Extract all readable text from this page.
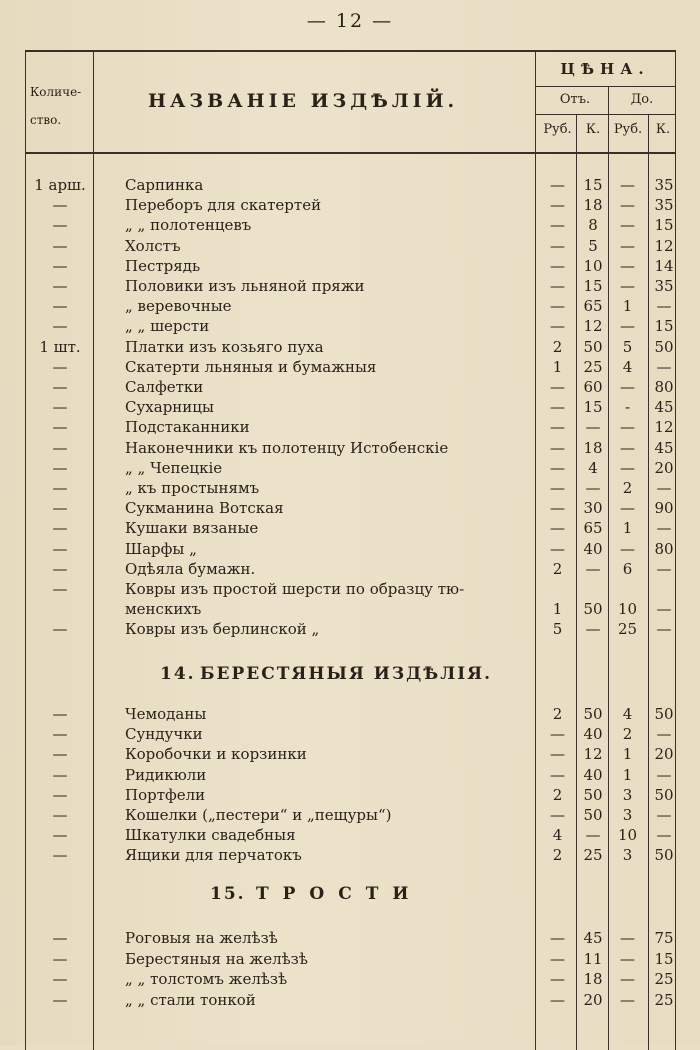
— 12 —
Количе-ство.
НАЗВАНІЕ ИЗДѢЛІЙ.
ЦѢНА.
Отъ.	До.
Руб.	К.	Руб.	К.
1 арш.	Сарпинка	—	15	—	35
—	Переборъ для скатертей	—	18	—	35
—	„ „ полотенцевъ	—	8	—	15
—	Холстъ	—	5	—	12
—	Пестрядь	—	10	—	14
—	Половики изъ льняной пряжи	—	15	—	35
—	„ веревочные	—	65	1	—
—	„ „ шерсти	—	12	—	15
1 шт.	Платки изъ козьяго пуха	2	50	5	50
—	Скатерти льняныя и бумажныя	1	25	4	—
—	Салфетки	—	60	—	80
—	Сухарницы	—	15	-	45
—	Подстаканники	—	—	—	12
—	Наконечники къ полотенцу Истобенскіе	—	18	—	45
—	„ „ Чепецкіе	—	4	—	20
—	„ къ простынямъ	—	—	2	—
—	Сукманина Вотская	—	30	—	90
—	Кушаки вязаные	—	65	1	—
—	Шарфы „	—	40	—	80
—	Одѣяла бумажн.	2	—	6	—
—	Ковры изъ простой шерсти по образцу тю-
менскихъ	1	50	10	—
—	Ковры изъ берлинской „	5	—	25	—
14. БЕРЕСТЯНЫЯ ИЗДѢЛІЯ.
—	Чемоданы	2	50	4	50
—	Сундучки	—	40	2	—
—	Коробочки и корзинки	—	12	1	20
—	Ридикюли	—	40	1	—
—	Портфели	2	50	3	50
—	Кошелки („пестери“ и „пещуры“)	—	50	3	—
—	Шкатулки свадебныя	4	—	10	—
—	Ящики для перчатокъ	2	25	3	50
15. ТРОСТИ
—	Роговыя на желѣзѣ	—	45	—	75
—	Берестяныя на желѣзѣ	—	11	—	15
—	„ „ толстомъ желѣзѣ	—	18	—	25
—	„ „ стали тонкой	—	20	—	25
